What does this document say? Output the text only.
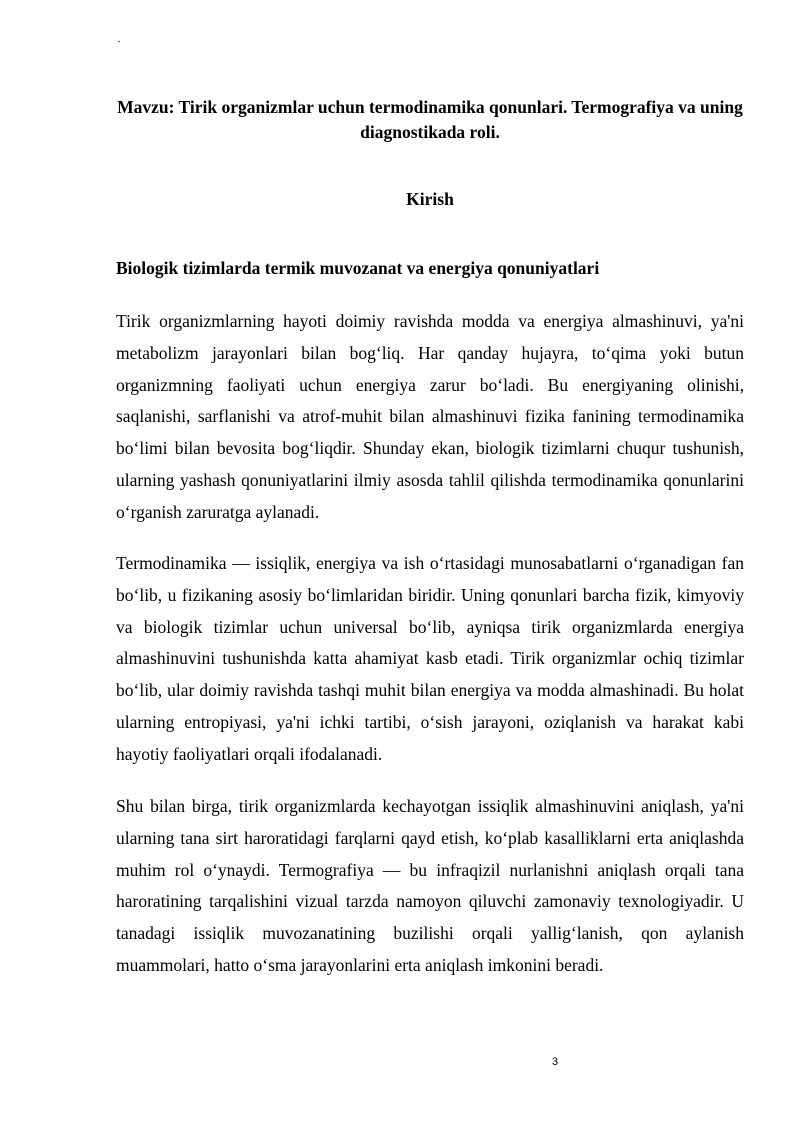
`
Mavzu: Tirik organizmlar uchun termodinamika qonunlari. Termografiya va uning diagnostikada roli.
Kirish
Biologik tizimlarda termik muvozanat va energiya qonuniyatlari

Tirik organizmlarning hayoti doimiy ravishda modda va energiya almashinuvi, ya'ni metabolizm jarayonlari bilan bog‘liq. Har qanday hujayra, to‘qima yoki butun organizmning faoliyati uchun energiya zarur bo‘ladi. Bu energiyaning olinishi, saqlanishi, sarflanishi va atrof-muhit bilan almashinuvi fizika fanining termodinamika bo‘limi bilan bevosita bog‘liqdir. Shunday ekan, biologik tizimlarni chuqur tushunish, ularning yashash qonuniyatlarini ilmiy asosda tahlil qilishda termodinamika qonunlarini o‘rganish zaruratga aylanadi.

Termodinamika — issiqlik, energiya va ish o‘rtasidagi munosabatlarni o‘rganadigan fan bo‘lib, u fizikaning asosiy bo‘limlaridan biridir. Uning qonunlari barcha fizik, kimyoviy va biologik tizimlar uchun universal bo‘lib, ayniqsa tirik organizmlarda energiya almashinuvini tushunishda katta ahamiyat kasb etadi. Tirik organizmlar ochiq tizimlar bo‘lib, ular doimiy ravishda tashqi muhit bilan energiya va modda almashinadi. Bu holat ularning entropiyasi, ya'ni ichki tartibi, o‘sish jarayoni, oziqlanish va harakat kabi hayotiy faoliyatlari orqali ifodalanadi.

Shu bilan birga, tirik organizmlarda kechayotgan issiqlik almashinuvini aniqlash, ya'ni ularning tana sirt haroratidagi farqlarni qayd etish, ko‘plab kasalliklarni erta aniqlashda muhim rol o‘ynaydi. Termografiya — bu infraqizil nurlanishni aniqlash orqali tana haroratining tarqalishini vizual tarzda namoyon qiluvchi zamonaviy texnologiyadir. U tanadagi issiqlik muvozanatining buzilishi orqali yallig‘lanish, qon aylanish muammolari, hatto o‘sma jarayonlarini erta aniqlash imkonini beradi.

3
